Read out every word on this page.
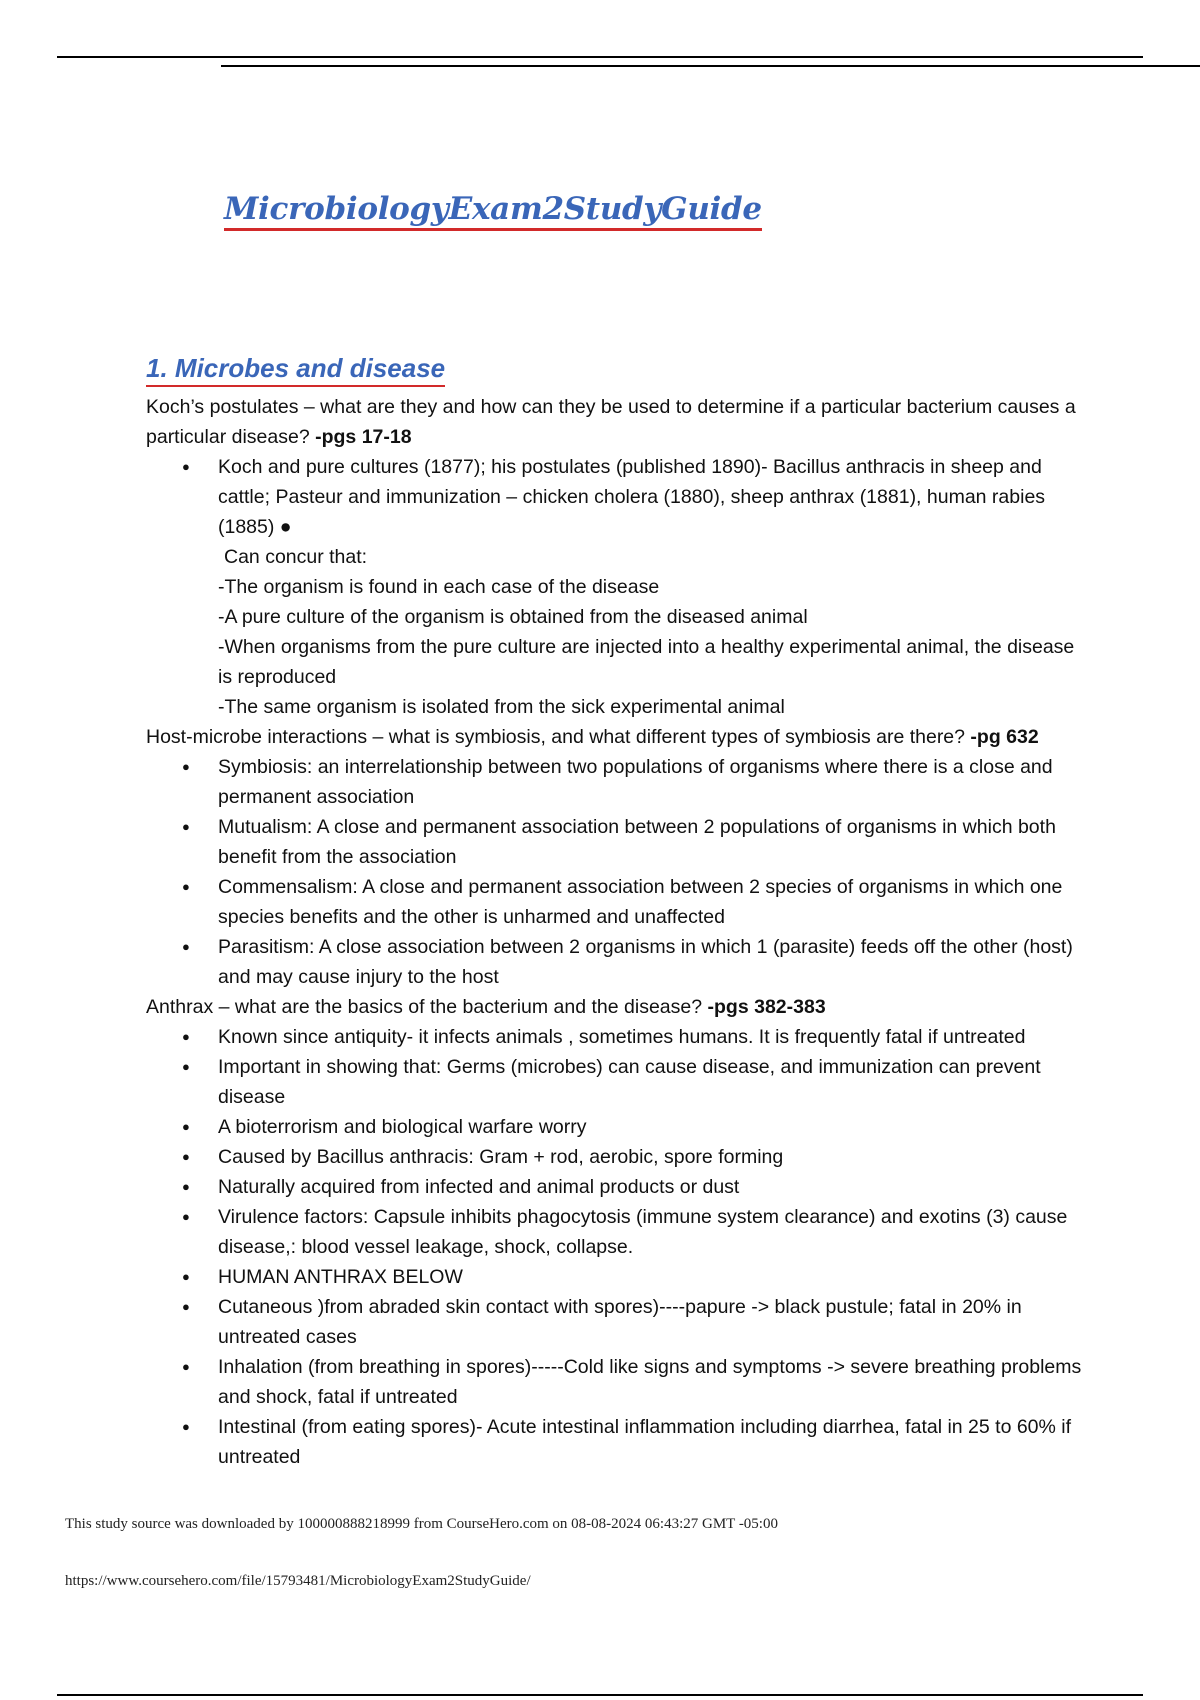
MicrobiologyExam2StudyGuide
1. Microbes and disease

Koch’s postulates – what are they and how can they be used to determine if a particular bacterium causes a particular disease? -pgs 17-18

● Koch and pure cultures (1877); his postulates (published 1890)- Bacillus anthracis in sheep and cattle; Pasteur and immunization – chicken cholera (1880), sheep anthrax (1881), human rabies (1885) ●

Can concur that:

-The organism is found in each case of the disease

-A pure culture of the organism is obtained from the diseased animal

-When organisms from the pure culture are injected into a healthy experimental animal, the disease is reproduced

-The same organism is isolated from the sick experimental animal

Host-microbe interactions – what is symbiosis, and what different types of symbiosis are there? -pg 632

● Symbiosis: an interrelationship between two populations of organisms where there is a close and permanent association
● Mutualism: A close and permanent association between 2 populations of organisms in which both benefit from the association
● Commensalism: A close and permanent association between 2 species of organisms in which one species benefits and the other is unharmed and unaffected
● Parasitism: A close association between 2 organisms in which 1 (parasite) feeds off the other (host) and may cause injury to the host

Anthrax – what are the basics of the bacterium and the disease? -pgs 382-383

● Known since antiquity- it infects animals , sometimes humans. It is frequently fatal if untreated
● Important in showing that: Germs (microbes) can cause disease, and immunization can prevent disease
● A bioterrorism and biological warfare worry
● Caused by Bacillus anthracis: Gram + rod, aerobic, spore forming
● Naturally acquired from infected and animal products or dust
● Virulence factors: Capsule inhibits phagocytosis (immune system clearance) and exotins (3) cause disease,: blood vessel leakage, shock, collapse.
● HUMAN ANTHRAX BELOW
● Cutaneous )from abraded skin contact with spores)----papure -> black pustule; fatal in 20% in untreated cases
● Inhalation (from breathing in spores)-----Cold like signs and symptoms -> severe breathing problems and shock, fatal if untreated
● Intestinal (from eating spores)- Acute intestinal inflammation including diarrhea, fatal in 25 to 60% if untreated
This study source was downloaded by 100000888218999 from CourseHero.com on 08-08-2024 06:43:27 GMT -05:00
https://www.coursehero.com/file/15793481/MicrobiologyExam2StudyGuide/
